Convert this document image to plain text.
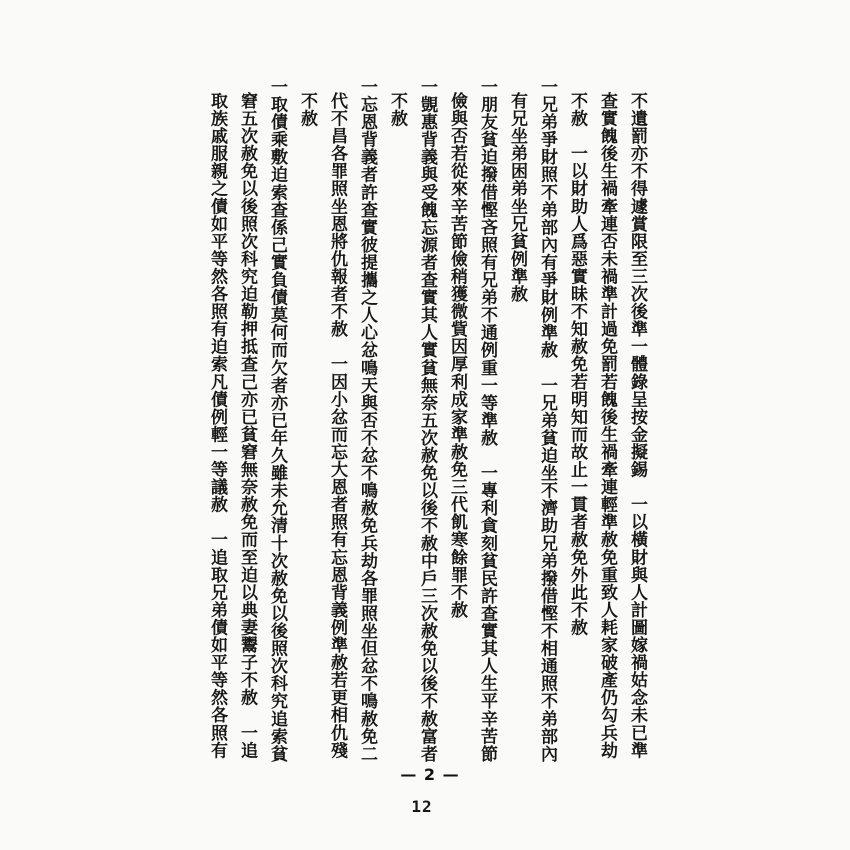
不遺罰亦不得遽賞限至三次後準一體錄呈按金擬錫　一以橫財與人計圖嫁禍姑念未已準
查實餽後生禍牽連否未禍準計過免罰若餽後生禍牽連輕準赦免重致人耗家破產仍勾兵劫
不赦　一以財助人爲惡實昧不知赦免若明知而故止一貫者赦免外此不赦
一兄弟爭財照不弟部內有爭財例準赦　一兄弟貧迫坐不濟助兄弟撥借慳不相通照不弟部內
有兄坐弟困弟坐兄貧例準赦
一朋友貧迫撥借慳吝照有兄弟不通例重一等準赦　一專利貪刻貧民許查實其人生平辛苦節
儉與否若從來辛苦節儉稍獲微貲因厚利成家準赦免三代飢寒餘罪不赦
一覬惠背義與受餽忘源者查實其人實貧無奈五次赦免以後不赦中戶三次赦免以後不赦富者
不赦
一忘恩背義者許查實彼提攜之人心忿鳴天與否不忿不鳴赦免兵劫各罪照坐但忿不鳴赦免二
代不昌各罪照坐恩將仇報者不赦　一因小忿而忘大恩者照有忘恩背義例準赦若更相仇殘
不赦
一取債乘敷迫索查係己實負債莫何而欠者亦已年久雖未允清十次赦免以後照次科究追索貧
窘五次赦免以後照次科究迫勒押抵查己亦已貧窘無奈赦免而至迫以典妻鬻子不赦　一追
取族戚服親之債如平等然各照有迫索凡債例輕一等議赦　一追取兄弟債如平等然各照有
— 2 —
12
